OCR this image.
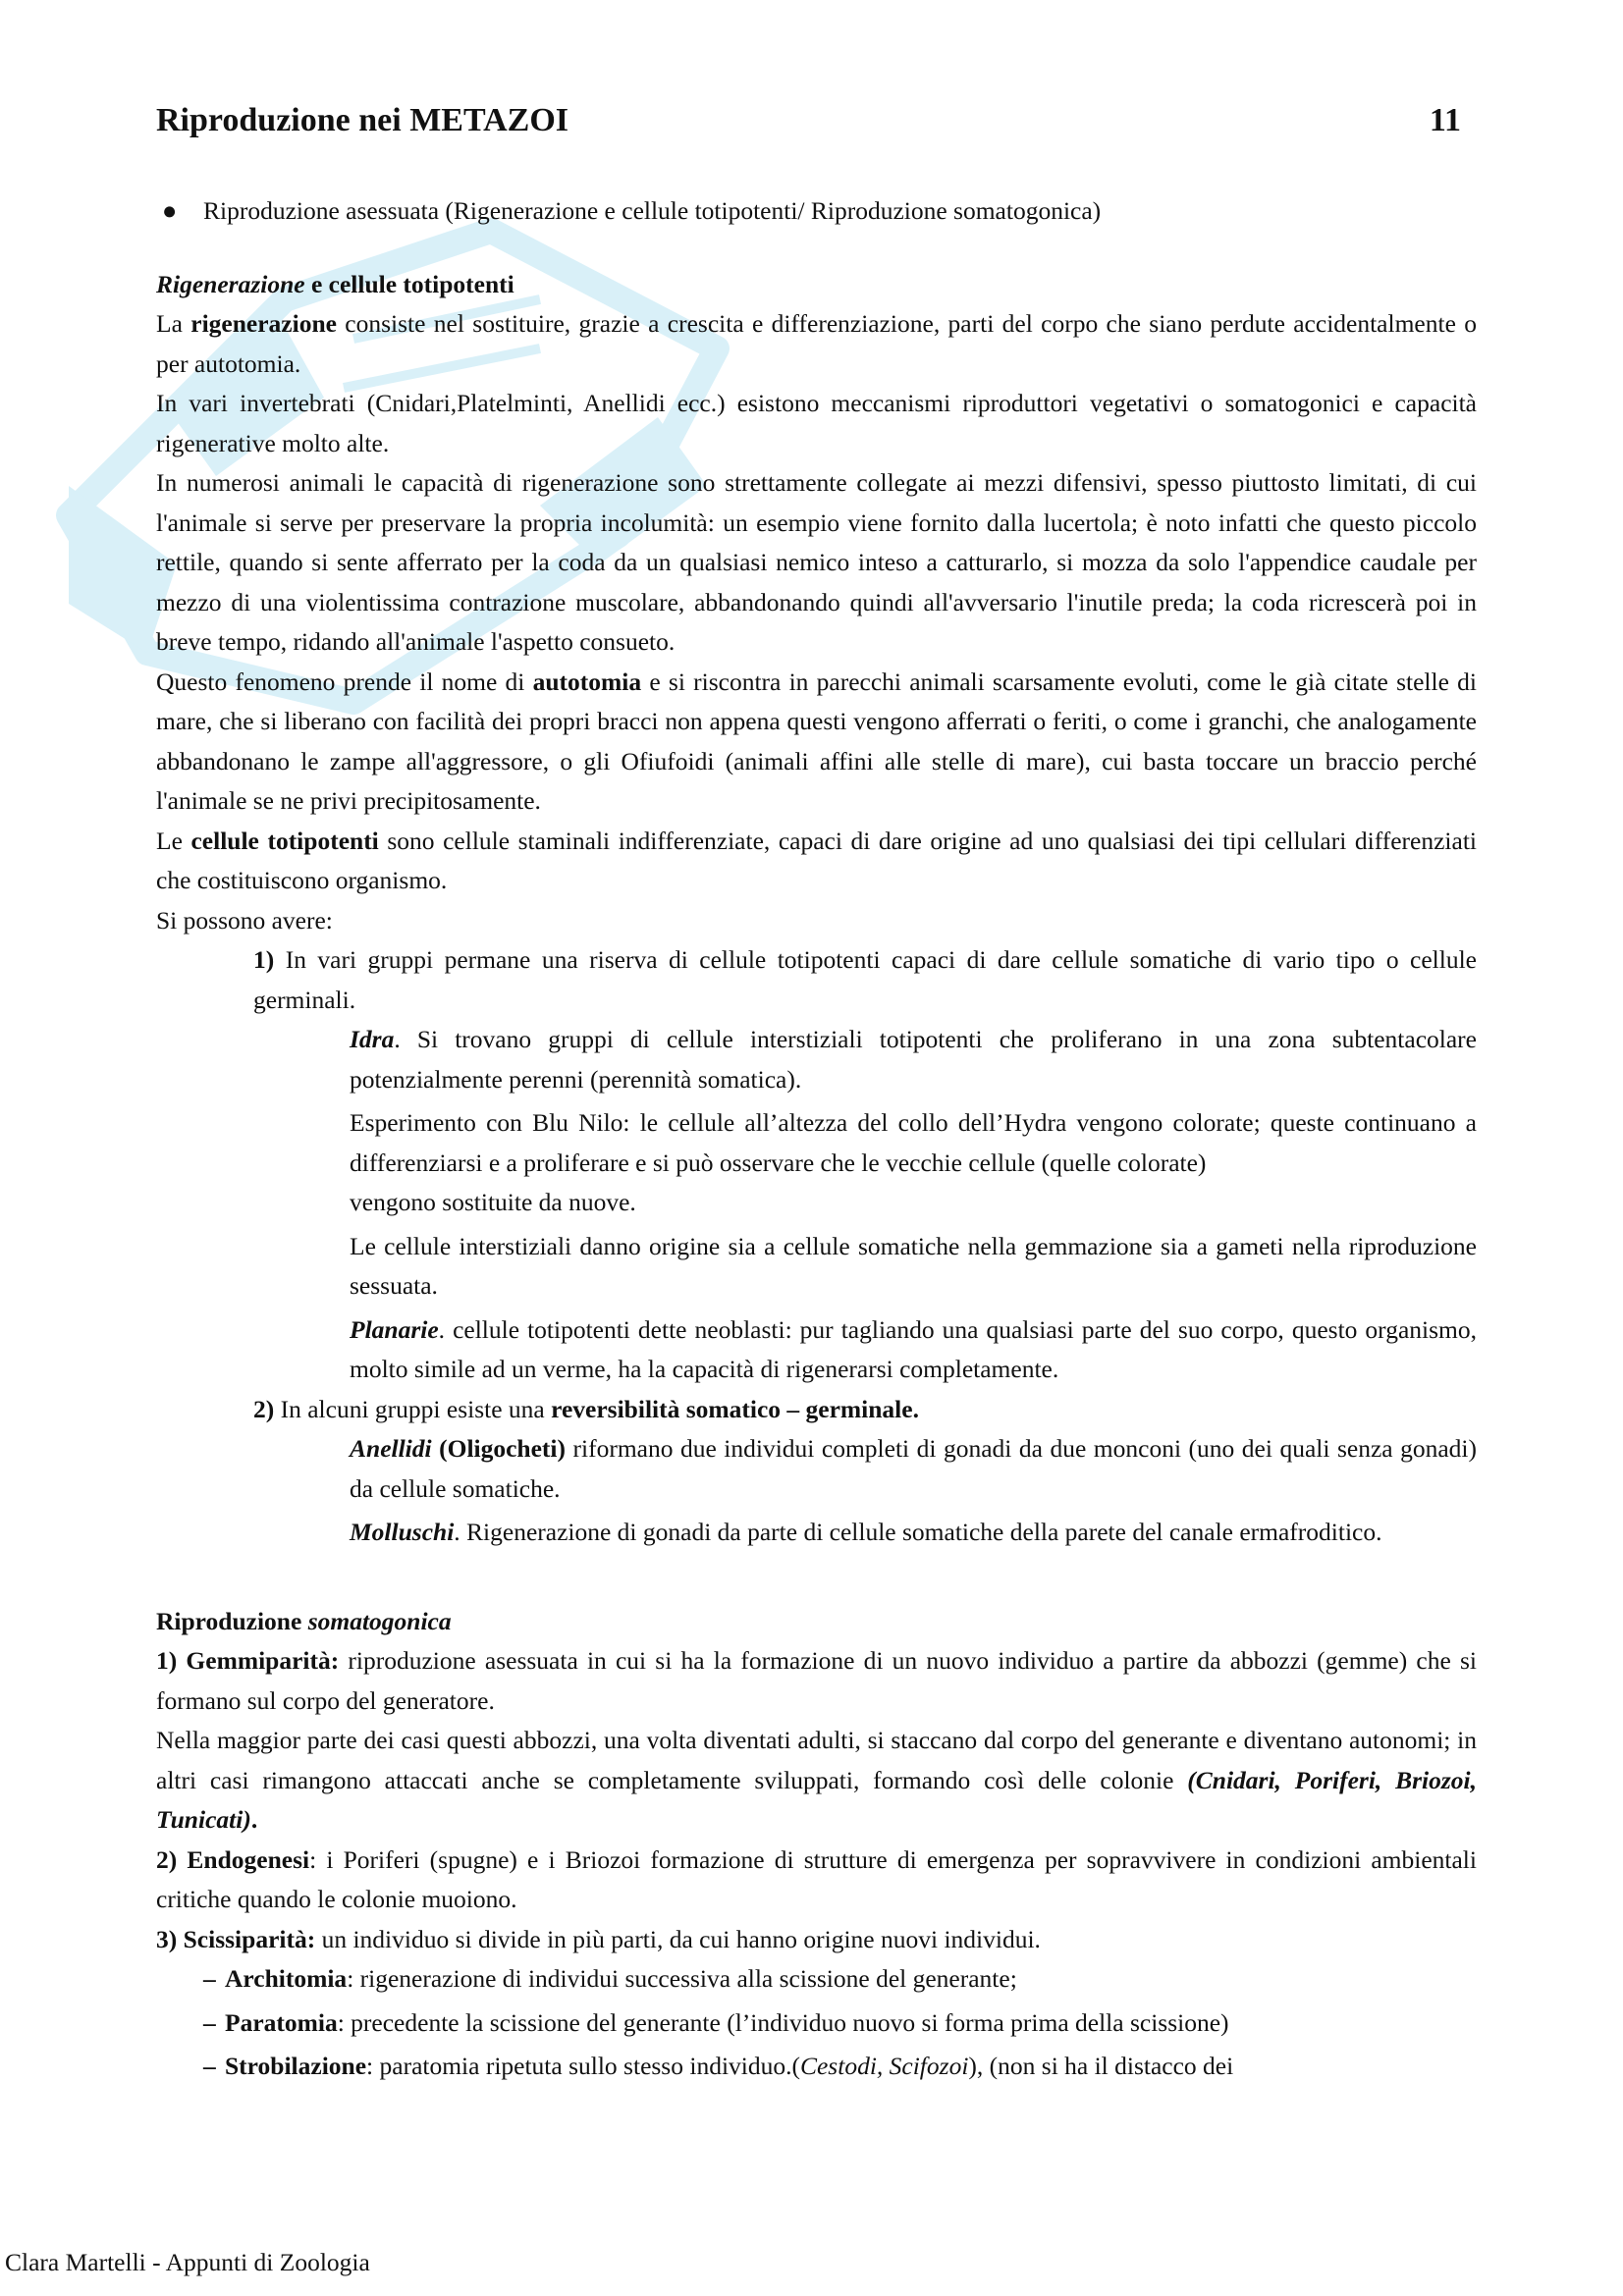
Riproduzione nei METAZOI	11

● Riproduzione asessuata (Rigenerazione e cellule totipotenti/ Riproduzione somatogonica)

Rigenerazione e cellule totipotenti

La rigenerazione consiste nel sostituire, grazie a crescita e differenziazione, parti del corpo che siano perdute accidentalmente o per autotomia.

In vari invertebrati (Cnidari,Platelminti, Anellidi ecc.) esistono meccanismi riproduttori vegetativi o somatogonici e capacità rigenerative molto alte.

In numerosi animali le capacità di rigenerazione sono strettamente collegate ai mezzi difensivi, spesso piuttosto limitati, di cui l'animale si serve per preservare la propria incolumità: un esempio viene fornito dalla lucertola; è noto infatti che questo piccolo rettile, quando si sente afferrato per la coda da un qualsiasi nemico inteso a catturarlo, si mozza da solo l'appendice caudale per mezzo di una violentissima contrazione muscolare, abbandonando quindi all'avversario l'inutile preda; la coda ricrescerà poi in breve tempo, ridando all'animale l'aspetto consueto.

Questo fenomeno prende il nome di autotomia e si riscontra in parecchi animali scarsamente evoluti, come le già citate stelle di mare, che si liberano con facilità dei propri bracci non appena questi vengono afferrati o feriti, o come i granchi, che analogamente abbandonano le zampe all'aggressore, o gli Ofiufoidi (animali affini alle stelle di mare), cui basta toccare un braccio perché l'animale se ne privi precipitosamente.

Le cellule totipotenti sono cellule staminali indifferenziate, capaci di dare origine ad uno qualsiasi dei tipi cellulari differenziati che costituiscono organismo.

Si possono avere:

1) In vari gruppi permane una riserva di cellule totipotenti capaci di dare cellule somatiche di vario tipo o cellule germinali.

Idra. Si trovano gruppi di cellule interstiziali totipotenti che proliferano in una zona subtentacolare potenzialmente perenni (perennità somatica).

Esperimento con Blu Nilo: le cellule all’altezza del collo dell’Hydra vengono colorate; queste continuano a differenziarsi e a proliferare e si può osservare che le vecchie cellule (quelle colorate)

vengono sostituite da nuove.

Le cellule interstiziali danno origine sia a cellule somatiche nella gemmazione sia a gameti nella riproduzione sessuata.

Planarie. cellule totipotenti dette neoblasti: pur tagliando una qualsiasi parte del suo corpo, questo organismo, molto simile ad un verme, ha la capacità di rigenerarsi completamente.

2) In alcuni gruppi esiste una reversibilità somatico – germinale.

Anellidi (Oligocheti) riformano due individui completi di gonadi da due monconi (uno dei quali senza gonadi) da cellule somatiche.

Molluschi. Rigenerazione di gonadi da parte di cellule somatiche della parete del canale ermafroditico.

Riproduzione somatogonica

1) Gemmiparità: riproduzione asessuata in cui si ha la formazione di un nuovo individuo a partire da abbozzi (gemme) che si formano sul corpo del generatore.

Nella maggior parte dei casi questi abbozzi, una volta diventati adulti, si staccano dal corpo del generante e diventano autonomi; in altri casi rimangono attaccati anche se completamente sviluppati, formando così delle colonie (Cnidari, Poriferi, Briozoi, Tunicati).

2) Endogenesi: i Poriferi (spugne) e i Briozoi formazione di strutture di emergenza per sopravvivere in condizioni ambientali critiche quando le colonie muoiono.

3) Scissiparità: un individuo si divide in più parti, da cui hanno origine nuovi individui.

– Architomia: rigenerazione di individui successiva alla scissione del generante;

– Paratomia: precedente la scissione del generante (l’individuo nuovo si forma prima della scissione)

– Strobilazione: paratomia ripetuta sullo stesso individuo.(Cestodi, Scifozoi), (non si ha il distacco dei

Clara Martelli - Appunti di Zoologia
